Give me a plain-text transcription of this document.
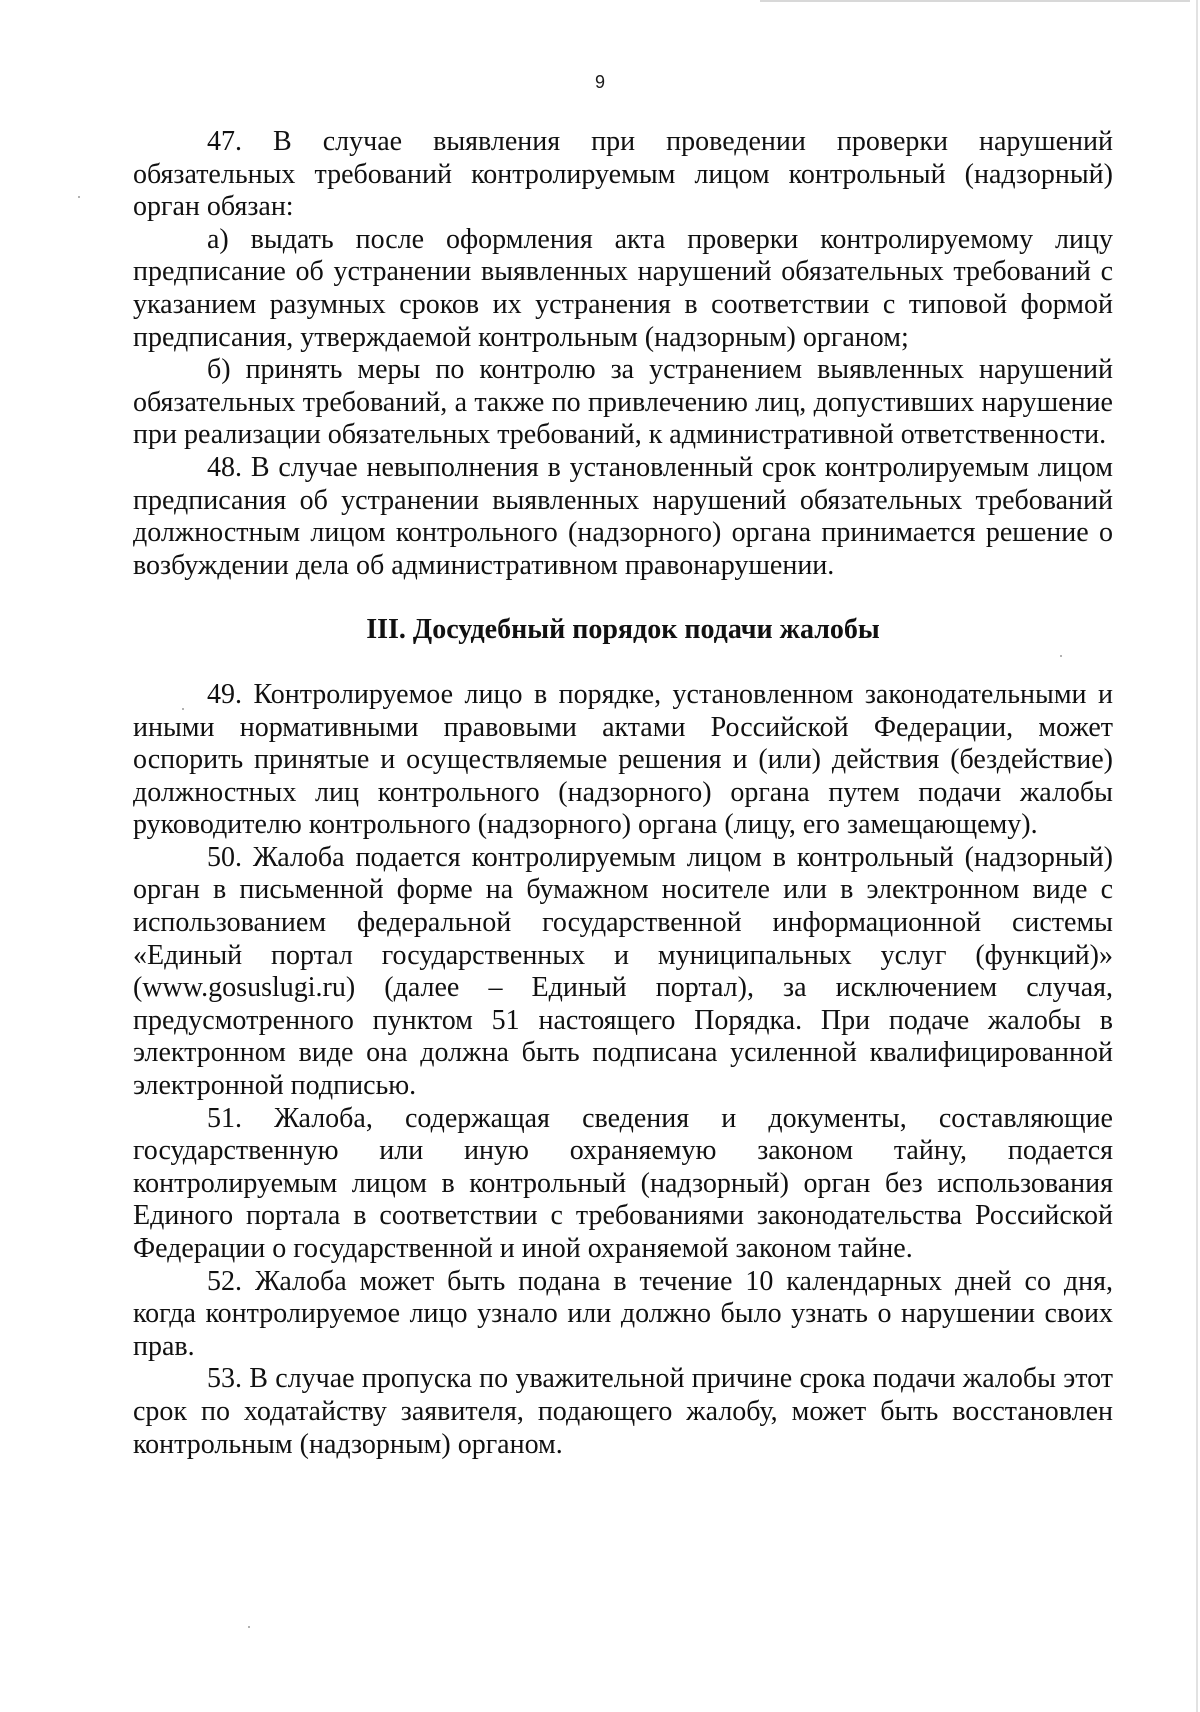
9

47. В случае выявления при проведении проверки нарушений обязательных требований контролируемым лицом контрольный (надзорный) орган обязан:

а) выдать после оформления акта проверки контролируемому лицу предписание об устранении выявленных нарушений обязательных требований с указанием разумных сроков их устранения в соответствии с типовой формой предписания, утверждаемой контрольным (надзорным) органом;

б) принять меры по контролю за устранением выявленных нарушений обязательных требований, а также по привлечению лиц, допустивших нарушение при реализации обязательных требований, к административной ответственности.

48. В случае невыполнения в установленный срок контролируемым лицом предписания об устранении выявленных нарушений обязательных требований должностным лицом контрольного (надзорного) органа принимается решение о возбуждении дела об административном правонарушении.

III. Досудебный порядок подачи жалобы

49. Контролируемое лицо в порядке, установленном законодательными и иными нормативными правовыми актами Российской Федерации, может оспорить принятые и осуществляемые решения и (или) действия (бездействие) должностных лиц контрольного (надзорного) органа путем подачи жалобы руководителю контрольного (надзорного) органа (лицу, его замещающему).

50. Жалоба подается контролируемым лицом в контрольный (надзорный) орган в письменной форме на бумажном носителе или в электронном виде с использованием федеральной государственной информационной системы «Единый портал государственных и муниципальных услуг (функций)» (www.gosuslugi.ru) (далее – Единый портал), за исключением случая, предусмотренного пунктом 51 настоящего Порядка. При подаче жалобы в электронном виде она должна быть подписана усиленной квалифицированной электронной подписью.

51. Жалоба, содержащая сведения и документы, составляющие государственную или иную охраняемую законом тайну, подается контролируемым лицом в контрольный (надзорный) орган без использования Единого портала в соответствии с требованиями законодательства Российской Федерации о государственной и иной охраняемой законом тайне.

52. Жалоба может быть подана в течение 10 календарных дней со дня, когда контролируемое лицо узнало или должно было узнать о нарушении своих прав.

53. В случае пропуска по уважительной причине срока подачи жалобы этот срок по ходатайству заявителя, подающего жалобу, может быть восстановлен контрольным (надзорным) органом.
